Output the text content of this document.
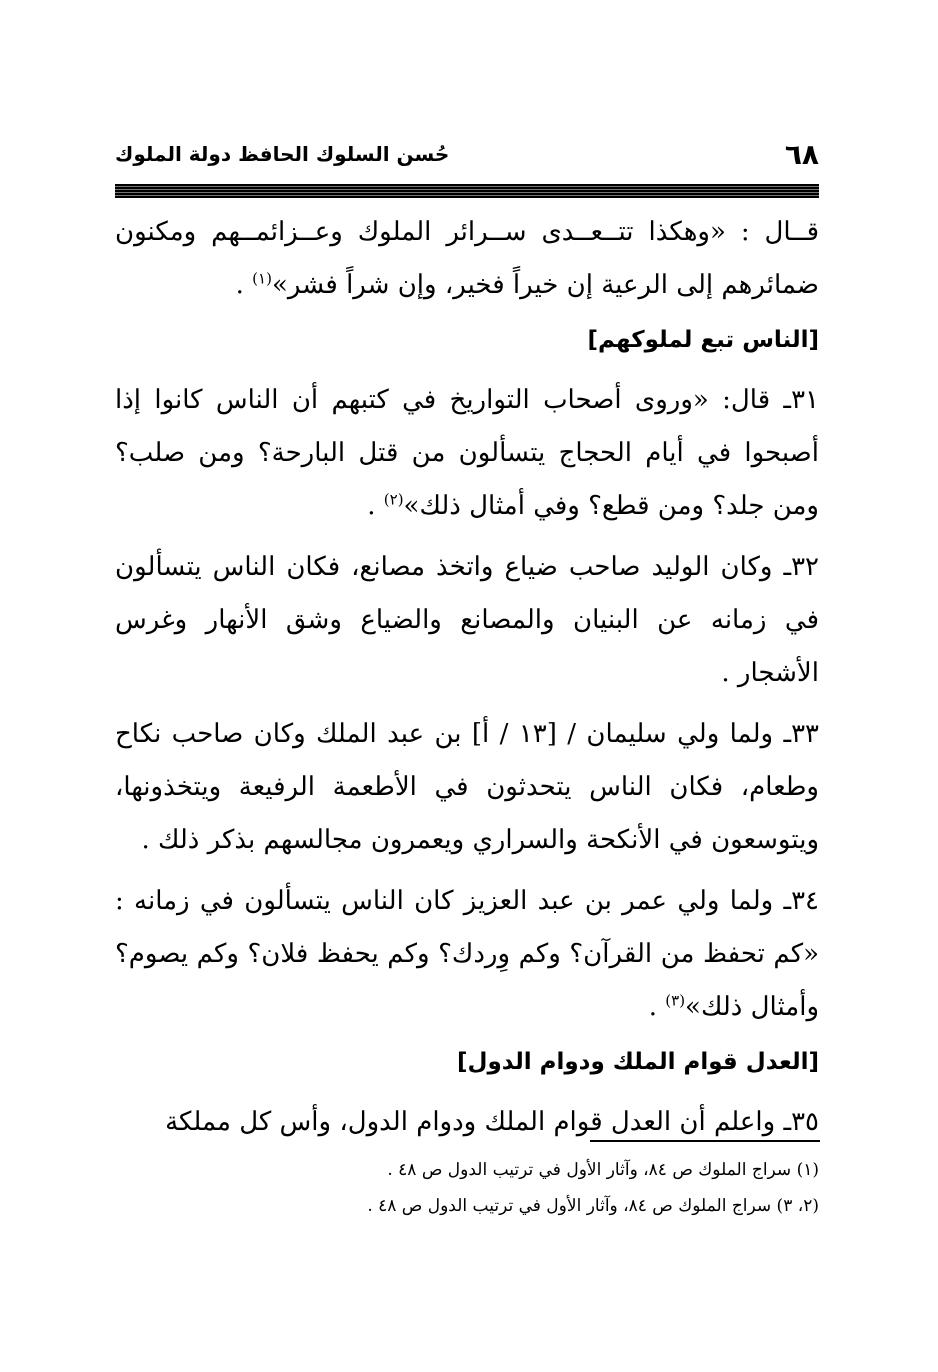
٦٨
حُسن السلوك الحافظ دولة الملوك

قــال : «وهكذا تتــعــدى ســرائر الملوك وعــزائمــهم ومكنون ضمائرهم إلى الرعية إن خيراً فخير، وإن شراً فشر»$^{(١)}$ .

[الناس تبع لملوكهم]

٣١ـ قال: «وروى أصحاب التواريخ في كتبهم أن الناس كانوا إذا أصبحوا في أيام الحجاج يتسألون من قتل البارحة؟ ومن صلب؟ ومن جلد؟ ومن قطع؟ وفي أمثال ذلك»$^{(٢)}$ .

٣٢ـ وكان الوليد صاحب ضياع واتخذ مصانع، فكان الناس يتسألون في زمانه عن البنيان والمصانع والضياع وشق الأنهار وغرس الأشجار .

٣٣ـ ولما ولي سليمان / [١٣ / أ] بن عبد الملك وكان صاحب نكاح وطعام، فكان الناس يتحدثون في الأطعمة الرفيعة ويتخذونها، ويتوسعون في الأنكحة والسراري ويعمرون مجالسهم بذكر ذلك .

٣٤ـ ولما ولي عمر بن عبد العزيز كان الناس يتسألون في زمانه : «كم تحفظ من القرآن؟ وكم وِردك؟ وكم يحفظ فلان؟ وكم يصوم؟ وأمثال ذلك»$^{(٣)}$ .

[العدل قوام الملك ودوام الدول]

٣٥ـ واعلم أن العدل قوام الملك ودوام الدول، وأس كل مملكة

(١) سراج الملوك ص ٨٤، وآثار الأول في ترتيب الدول ص ٤٨ .

(٢، ٣) سراج الملوك ص ٨٤، وآثار الأول في ترتيب الدول ص ٤٨ .
